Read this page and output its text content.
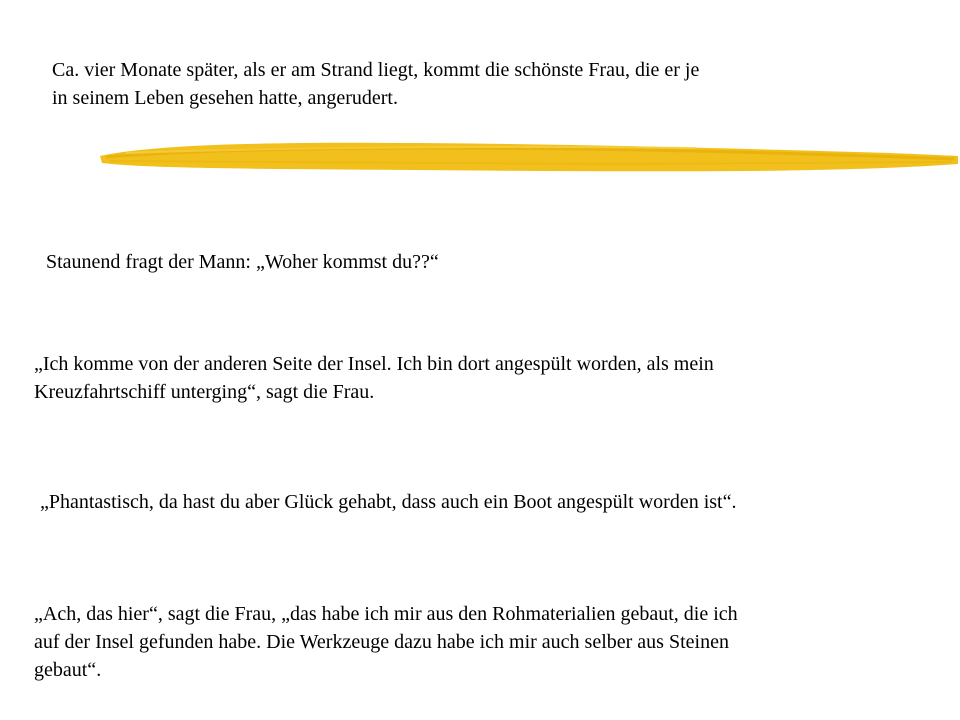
Ca. vier Monate später, als er am Strand liegt, kommt die schönste Frau, die er je
in seinem Leben gesehen hatte, angerudert.

Staunend fragt der Mann: „Woher kommst du??“

„Ich komme von der anderen Seite der Insel. Ich bin dort angespült worden, als mein
Kreuzfahrtschiff unterging“, sagt die Frau.

„Phantastisch, da hast du aber Glück gehabt, dass auch ein Boot angespült worden ist“.

„Ach, das hier“, sagt die Frau, „das habe ich mir aus den Rohmaterialien gebaut, die ich
auf der Insel gefunden habe. Die Werkzeuge dazu habe ich mir auch selber aus Steinen
gebaut“.
